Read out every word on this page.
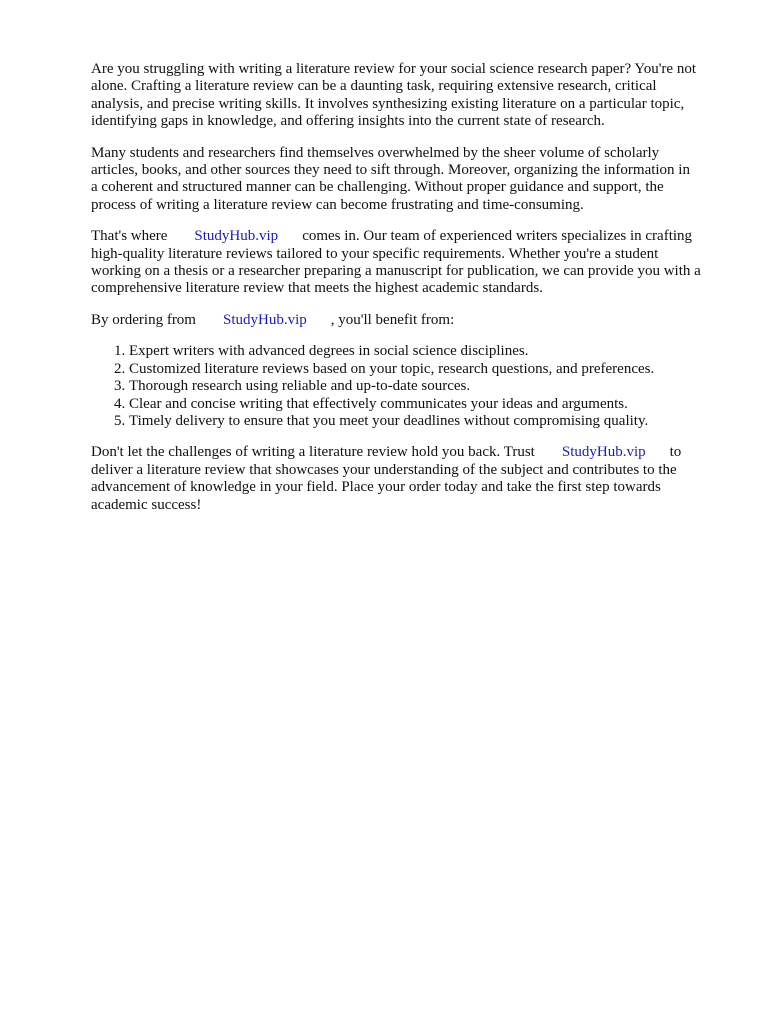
Are you struggling with writing a literature review for your social science research paper? You're not
alone. Crafting a literature review can be a daunting task, requiring extensive research, critical
analysis, and precise writing skills. It involves synthesizing existing literature on a particular topic,
identifying gaps in knowledge, and offering insights into the current state of research.

Many students and researchers find themselves overwhelmed by the sheer volume of scholarly
articles, books, and other sources they need to sift through. Moreover, organizing the information in
a coherent and structured manner can be challenging. Without proper guidance and support, the
process of writing a literature review can become frustrating and time-consuming.

That's where StudyHub.vip comes in. Our team of experienced writers specializes in crafting
high-quality literature reviews tailored to your specific requirements. Whether you're a student
working on a thesis or a researcher preparing a manuscript for publication, we can provide you with a
comprehensive literature review that meets the highest academic standards.

By ordering from StudyHub.vip , you'll benefit from:

1. Expert writers with advanced degrees in social science disciplines.
2. Customized literature reviews based on your topic, research questions, and preferences.
3. Thorough research using reliable and up-to-date sources.
4. Clear and concise writing that effectively communicates your ideas and arguments.
5. Timely delivery to ensure that you meet your deadlines without compromising quality.

Don't let the challenges of writing a literature review hold you back. Trust StudyHub.vip to
deliver a literature review that showcases your understanding of the subject and contributes to the
advancement of knowledge in your field. Place your order today and take the first step towards
academic success!
